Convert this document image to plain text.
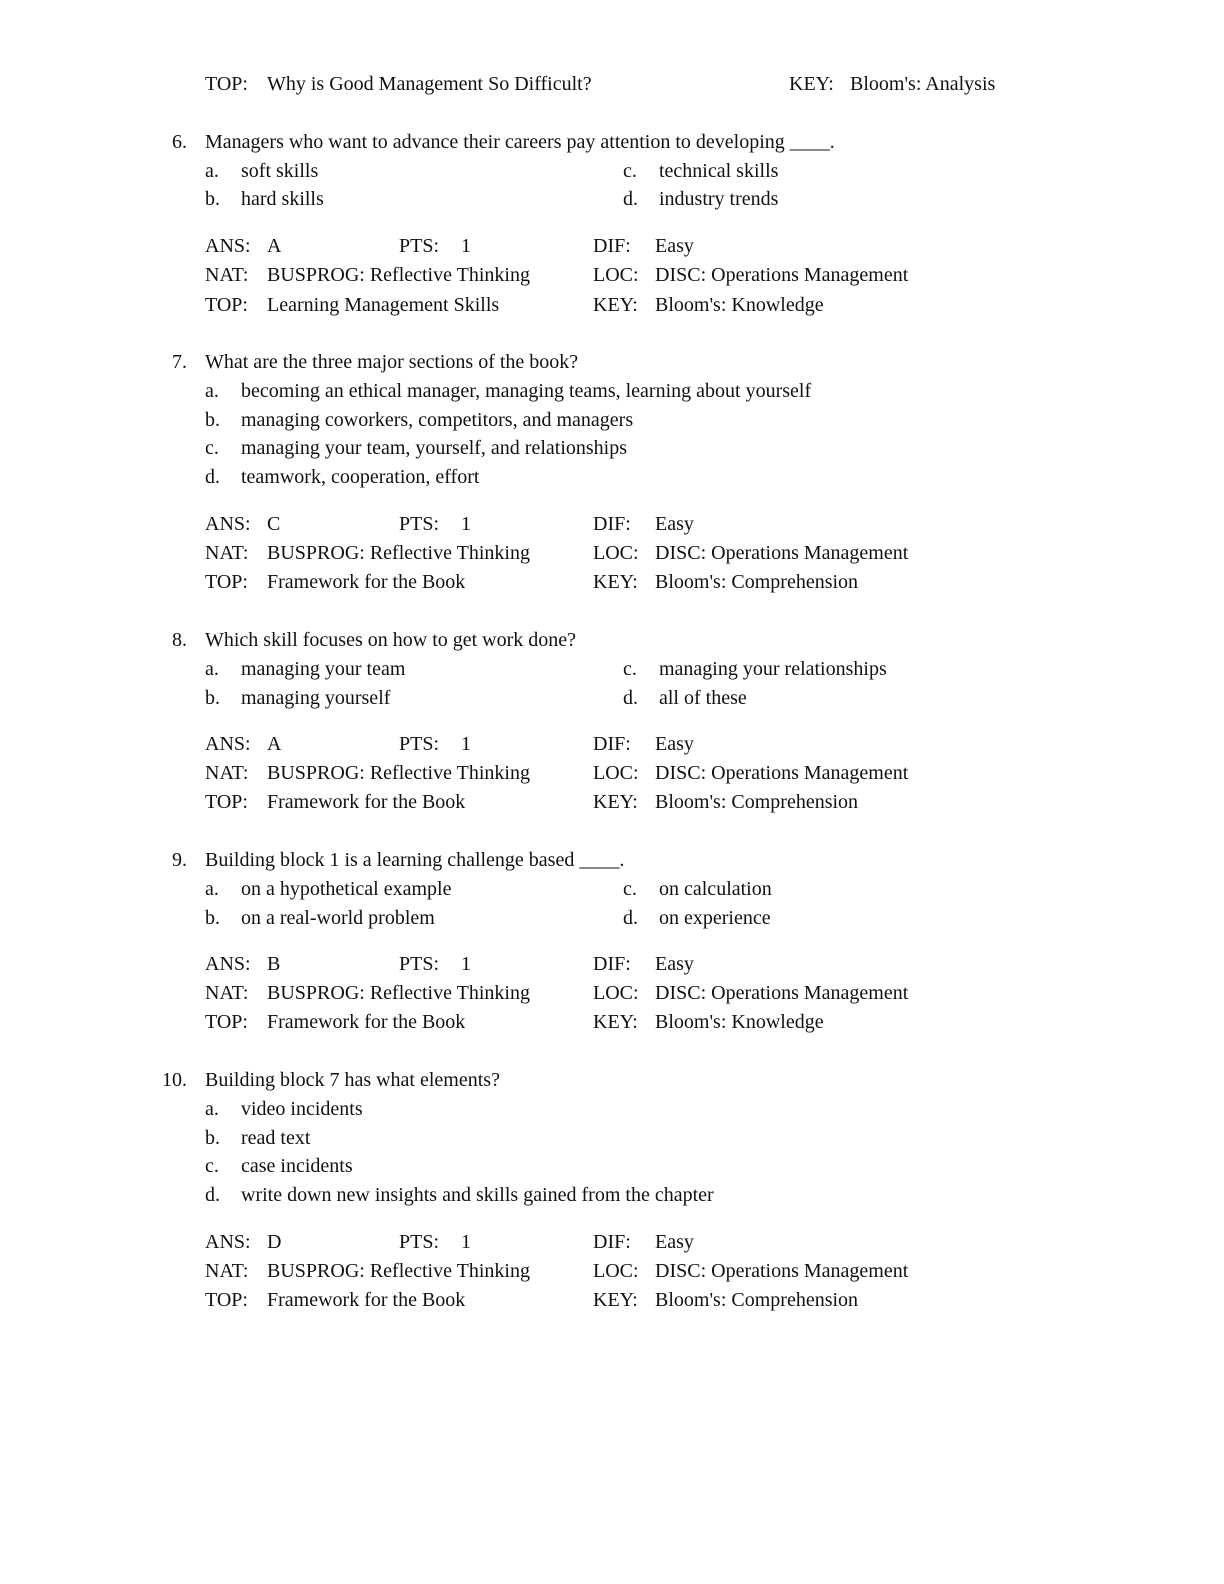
TOP: Why is Good Management So Difficult?	KEY: Bloom's: Analysis
6. Managers who want to advance their careers pay attention to developing ____.
a. soft skills
b. hard skills
c. technical skills
d. industry trends
ANS: A	PTS: 1	DIF: Easy
NAT: BUSPROG: Reflective Thinking	LOC: DISC: Operations Management
TOP: Learning Management Skills	KEY: Bloom's: Knowledge
7. What are the three major sections of the book?
a. becoming an ethical manager, managing teams, learning about yourself
b. managing coworkers, competitors, and managers
c. managing your team, yourself, and relationships
d. teamwork, cooperation, effort
ANS: C	PTS: 1	DIF: Easy
NAT: BUSPROG: Reflective Thinking	LOC: DISC: Operations Management
TOP: Framework for the Book	KEY: Bloom's: Comprehension
8. Which skill focuses on how to get work done?
a. managing your team
b. managing yourself
c. managing your relationships
d. all of these
ANS: A	PTS: 1	DIF: Easy
NAT: BUSPROG: Reflective Thinking	LOC: DISC: Operations Management
TOP: Framework for the Book	KEY: Bloom's: Comprehension
9. Building block 1 is a learning challenge based ____.
a. on a hypothetical example
b. on a real-world problem
c. on calculation
d. on experience
ANS: B	PTS: 1	DIF: Easy
NAT: BUSPROG: Reflective Thinking	LOC: DISC: Operations Management
TOP: Framework for the Book	KEY: Bloom's: Knowledge
10. Building block 7 has what elements?
a. video incidents
b. read text
c. case incidents
d. write down new insights and skills gained from the chapter
ANS: D	PTS: 1	DIF: Easy
NAT: BUSPROG: Reflective Thinking	LOC: DISC: Operations Management
TOP: Framework for the Book	KEY: Bloom's: Comprehension
